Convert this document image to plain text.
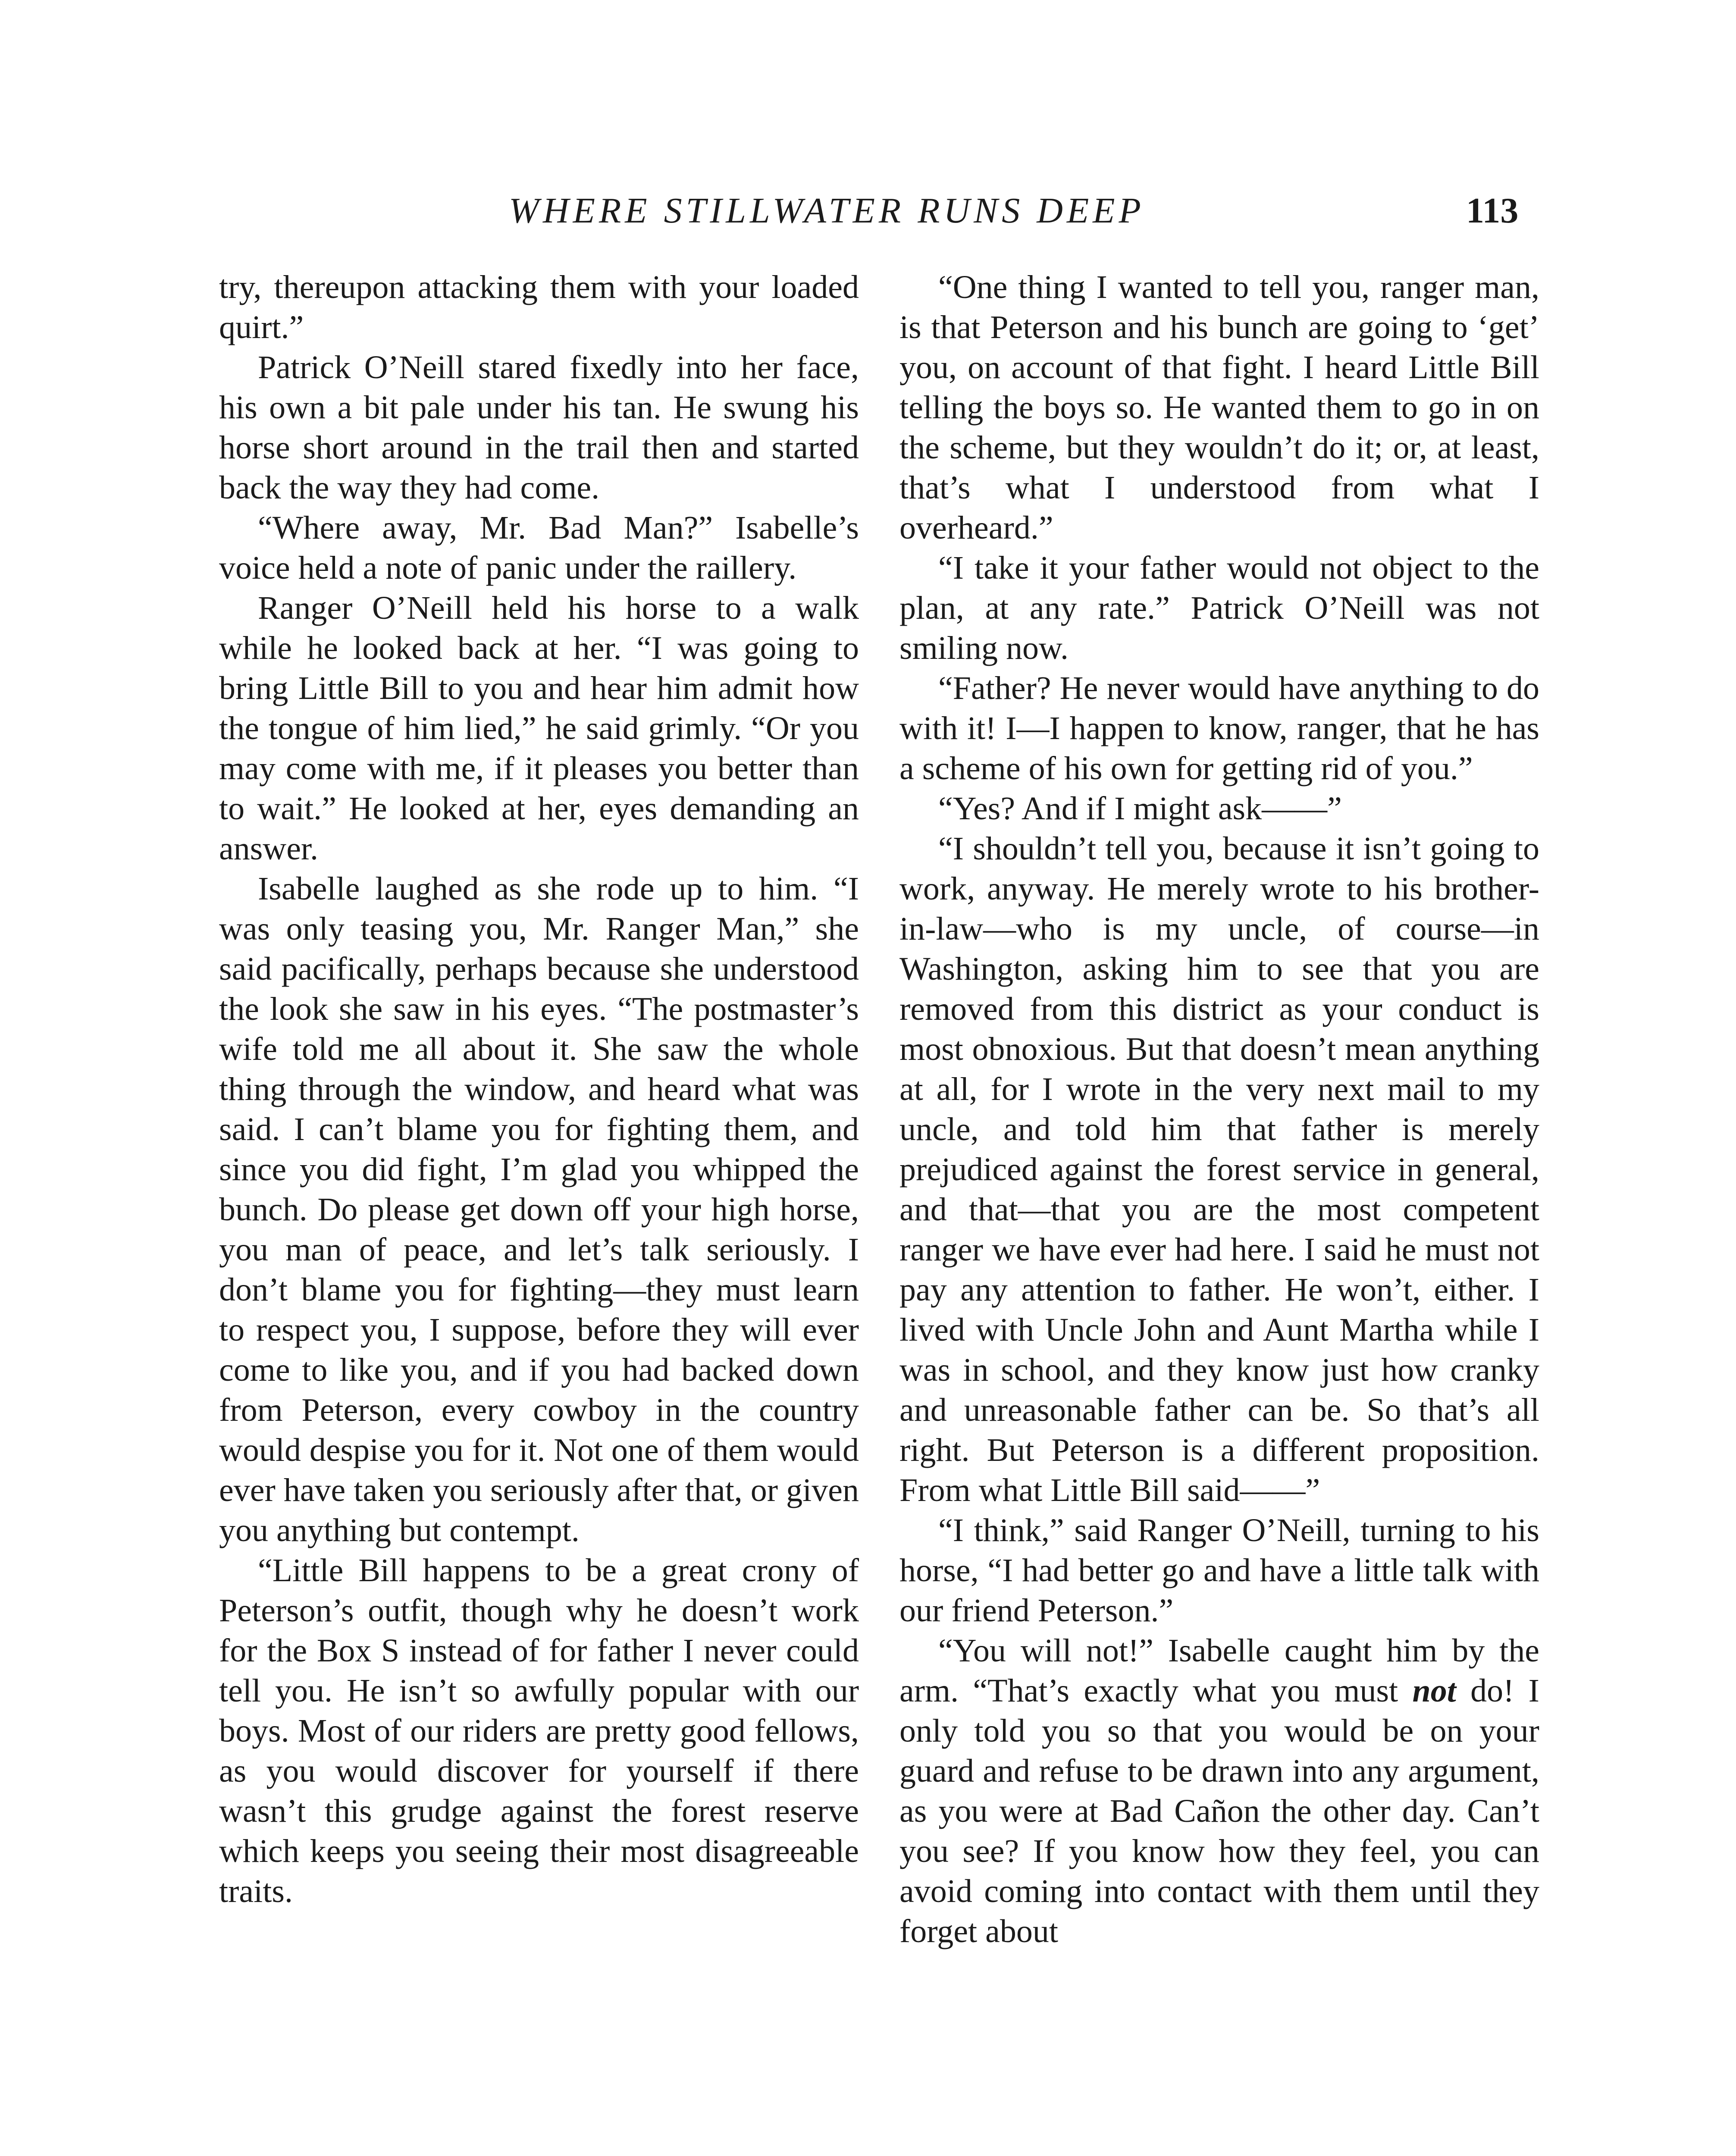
WHERE STILLWATER RUNS DEEP	113

try, thereupon attacking them with your loaded quirt.”

Patrick O’Neill stared fixedly into her face, his own a bit pale under his tan. He swung his horse short around in the trail then and started back the way they had come.

“Where away, Mr. Bad Man?” Isabelle’s voice held a note of panic under the raillery.

Ranger O’Neill held his horse to a walk while he looked back at her. “I was going to bring Little Bill to you and hear him admit how the tongue of him lied,” he said grimly. “Or you may come with me, if it pleases you better than to wait.” He looked at her, eyes demanding an answer.

Isabelle laughed as she rode up to him. “I was only teasing you, Mr. Ranger Man,” she said pacifically, perhaps because she understood the look she saw in his eyes. “The postmaster’s wife told me all about it. She saw the whole thing through the window, and heard what was said. I can’t blame you for fighting them, and since you did fight, I’m glad you whipped the bunch. Do please get down off your high horse, you man of peace, and let’s talk seriously. I don’t blame you for fighting—they must learn to respect you, I suppose, before they will ever come to like you, and if you had backed down from Peterson, every cowboy in the country would despise you for it. Not one of them would ever have taken you seriously after that, or given you anything but contempt.

“Little Bill happens to be a great crony of Peterson’s outfit, though why he doesn’t work for the Box S instead of for father I never could tell you. He isn’t so awfully popular with our boys. Most of our riders are pretty good fellows, as you would discover for yourself if there wasn’t this grudge against the forest reserve which keeps you seeing their most disagreeable traits.

“One thing I wanted to tell you, ranger man, is that Peterson and his bunch are going to ‘get’ you, on account of that fight. I heard Little Bill telling the boys so. He wanted them to go in on the scheme, but they wouldn’t do it; or, at least, that’s what I understood from what I overheard.”

“I take it your father would not object to the plan, at any rate.” Patrick O’Neill was not smiling now.

“Father? He never would have anything to do with it! I—I happen to know, ranger, that he has a scheme of his own for getting rid of you.”

“Yes? And if I might ask——”

“I shouldn’t tell you, because it isn’t going to work, anyway. He merely wrote to his brother-in-law—who is my uncle, of course—in Washington, asking him to see that you are removed from this district as your conduct is most obnoxious. But that doesn’t mean anything at all, for I wrote in the very next mail to my uncle, and told him that father is merely prejudiced against the forest service in general, and that—that you are the most competent ranger we have ever had here. I said he must not pay any attention to father. He won’t, either. I lived with Uncle John and Aunt Martha while I was in school, and they know just how cranky and unreasonable father can be. So that’s all right. But Peterson is a different proposition. From what Little Bill said——”

“I think,” said Ranger O’Neill, turning to his horse, “I had better go and have a little talk with our friend Peterson.”

“You will not!” Isabelle caught him by the arm. “That’s exactly what you must not do! I only told you so that you would be on your guard and refuse to be drawn into any argument, as you were at Bad Cañon the other day. Can’t you see? If you know how they feel, you can avoid coming into contact with them until they forget about
